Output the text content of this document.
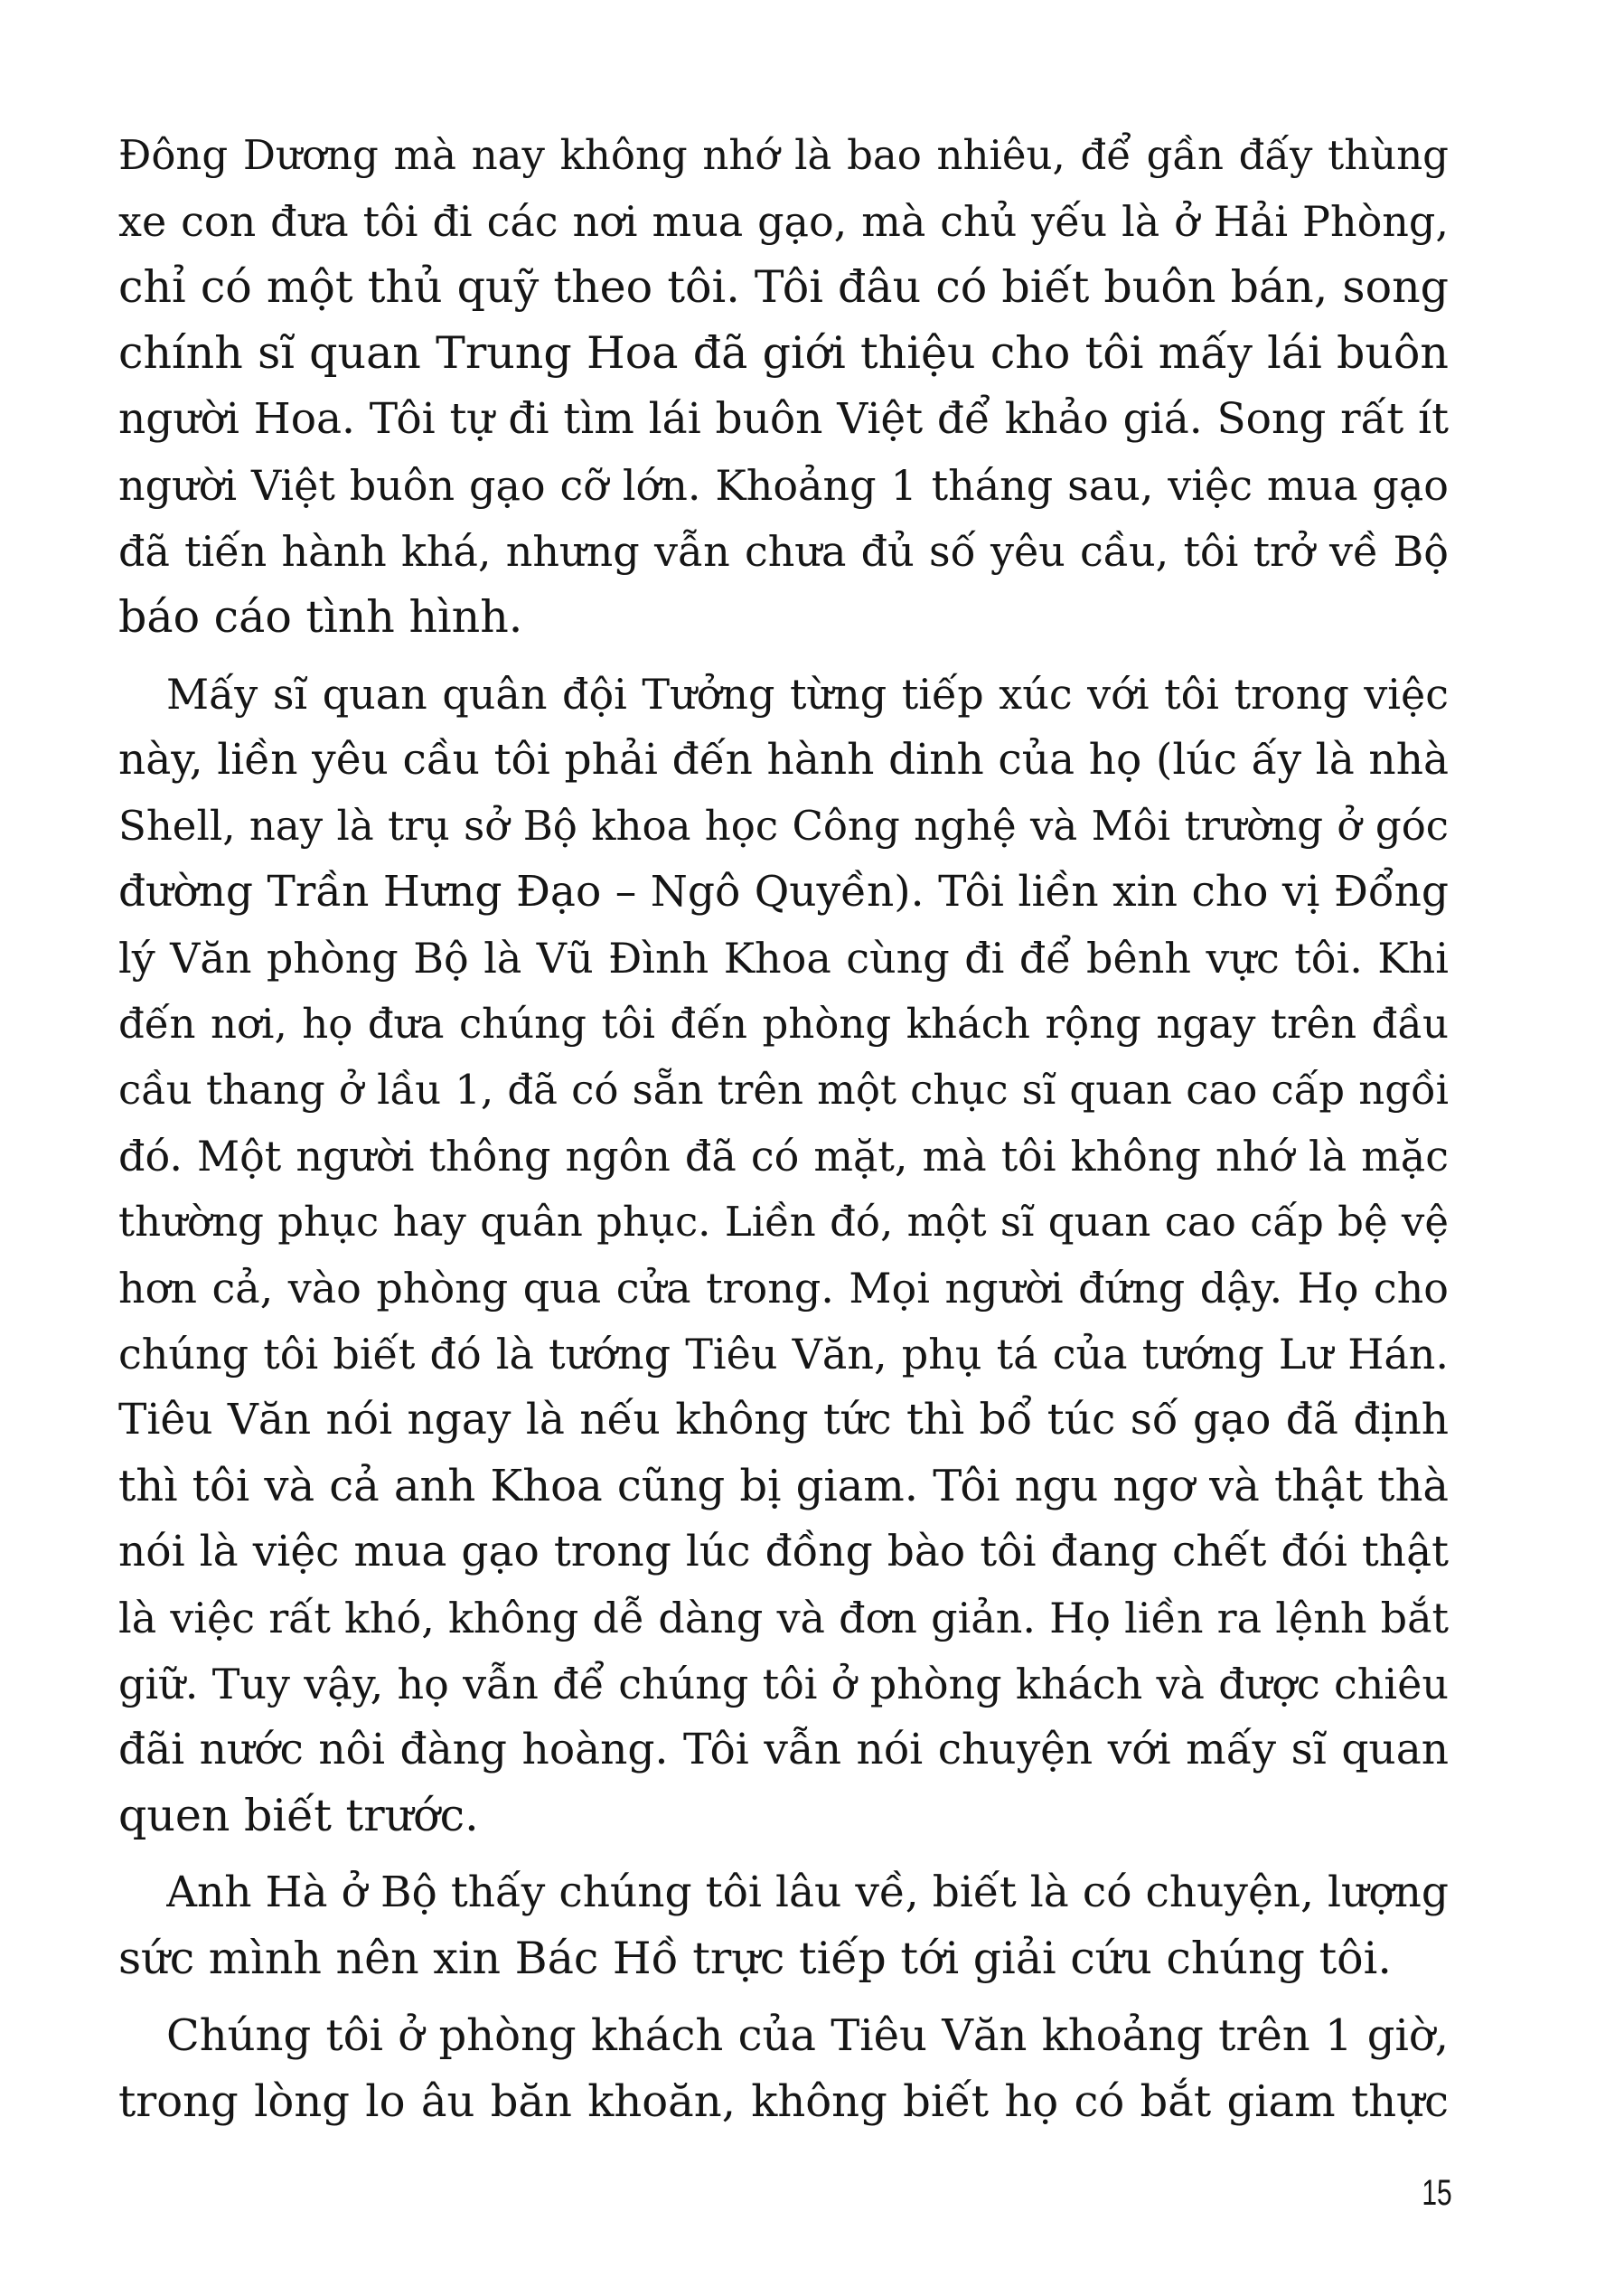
Đông Dương mà nay không nhớ là bao nhiêu, để gần đấy thùng
xe con đưa tôi đi các nơi mua gạo, mà chủ yếu là ở Hải Phòng,
chỉ có một thủ quỹ theo tôi. Tôi đâu có biết buôn bán, song
chính sĩ quan Trung Hoa đã giới thiệu cho tôi mấy lái buôn
người Hoa. Tôi tự đi tìm lái buôn Việt để khảo giá. Song rất ít
người Việt buôn gạo cỡ lớn. Khoảng 1 tháng sau, việc mua gạo
đã tiến hành khá, nhưng vẫn chưa đủ số yêu cầu, tôi trở về Bộ
báo cáo tình hình.
Mấy sĩ quan quân đội Tưởng từng tiếp xúc với tôi trong việc
này, liền yêu cầu tôi phải đến hành dinh của họ (lúc ấy là nhà
Shell, nay là trụ sở Bộ khoa học Công nghệ và Môi trường ở góc
đường Trần Hưng Đạo – Ngô Quyền). Tôi liền xin cho vị Đổng
lý Văn phòng Bộ là Vũ Đình Khoa cùng đi để bênh vực tôi. Khi
đến nơi, họ đưa chúng tôi đến phòng khách rộng ngay trên đầu
cầu thang ở lầu 1, đã có sẵn trên một chục sĩ quan cao cấp ngồi
đó. Một người thông ngôn đã có mặt, mà tôi không nhớ là mặc
thường phục hay quân phục. Liền đó, một sĩ quan cao cấp bệ vệ
hơn cả, vào phòng qua cửa trong. Mọi người đứng dậy. Họ cho
chúng tôi biết đó là tướng Tiêu Văn, phụ tá của tướng Lư Hán.
Tiêu Văn nói ngay là nếu không tức thì bổ túc số gạo đã định
thì tôi và cả anh Khoa cũng bị giam. Tôi ngu ngơ và thật thà
nói là việc mua gạo trong lúc đồng bào tôi đang chết đói thật
là việc rất khó, không dễ dàng và đơn giản. Họ liền ra lệnh bắt
giữ. Tuy vậy, họ vẫn để chúng tôi ở phòng khách và được chiêu
đãi nước nôi đàng hoàng. Tôi vẫn nói chuyện với mấy sĩ quan
quen biết trước.
Anh Hà ở Bộ thấy chúng tôi lâu về, biết là có chuyện, lượng
sức mình nên xin Bác Hồ trực tiếp tới giải cứu chúng tôi.
Chúng tôi ở phòng khách của Tiêu Văn khoảng trên 1 giờ,
trong lòng lo âu băn khoăn, không biết họ có bắt giam thực
15
